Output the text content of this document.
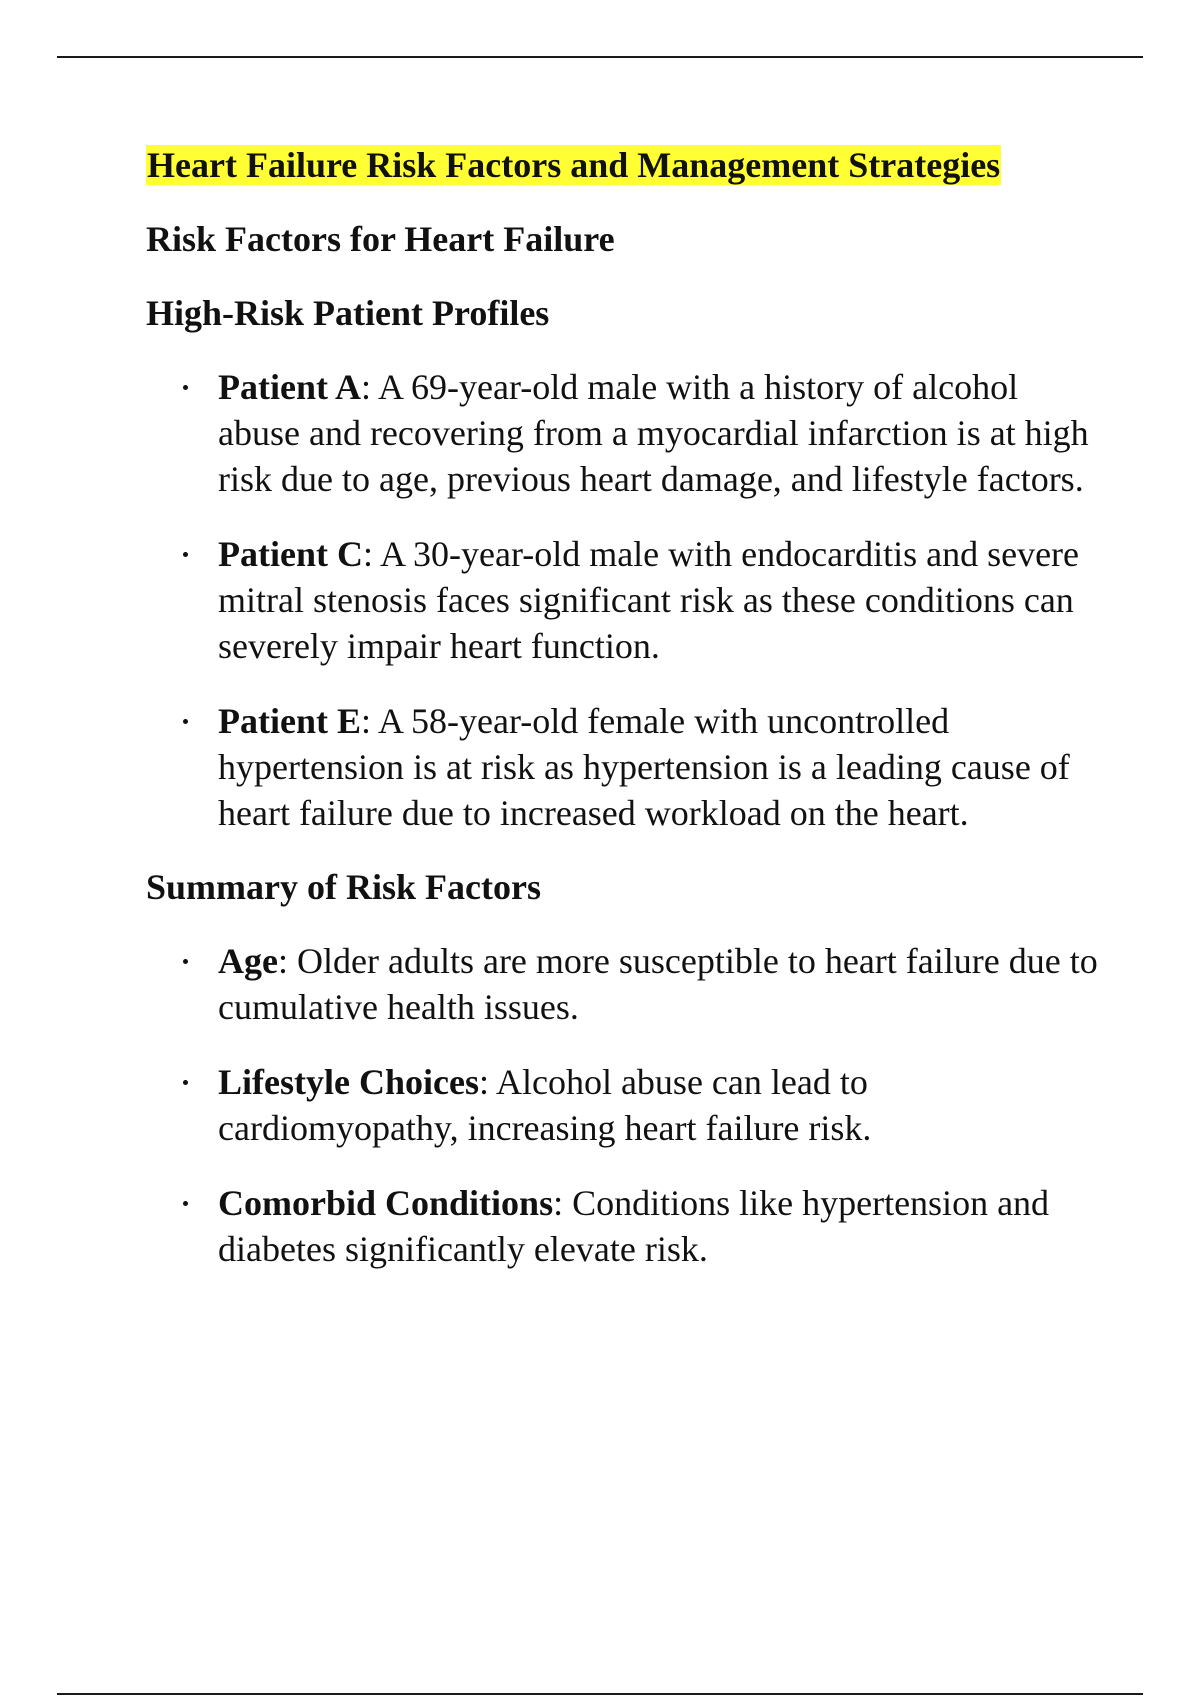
Heart Failure Risk Factors and Management Strategies
Risk Factors for Heart Failure
High-Risk Patient Profiles
Patient A: A 69-year-old male with a history of alcohol abuse and recovering from a myocardial infarction is at high risk due to age, previous heart damage, and lifestyle factors.
Patient C: A 30-year-old male with endocarditis and severe mitral stenosis faces significant risk as these conditions can severely impair heart function.
Patient E: A 58-year-old female with uncontrolled hypertension is at risk as hypertension is a leading cause of heart failure due to increased workload on the heart.
Summary of Risk Factors
Age: Older adults are more susceptible to heart failure due to cumulative health issues.
Lifestyle Choices: Alcohol abuse can lead to cardiomyopathy, increasing heart failure risk.
Comorbid Conditions: Conditions like hypertension and diabetes significantly elevate risk.
